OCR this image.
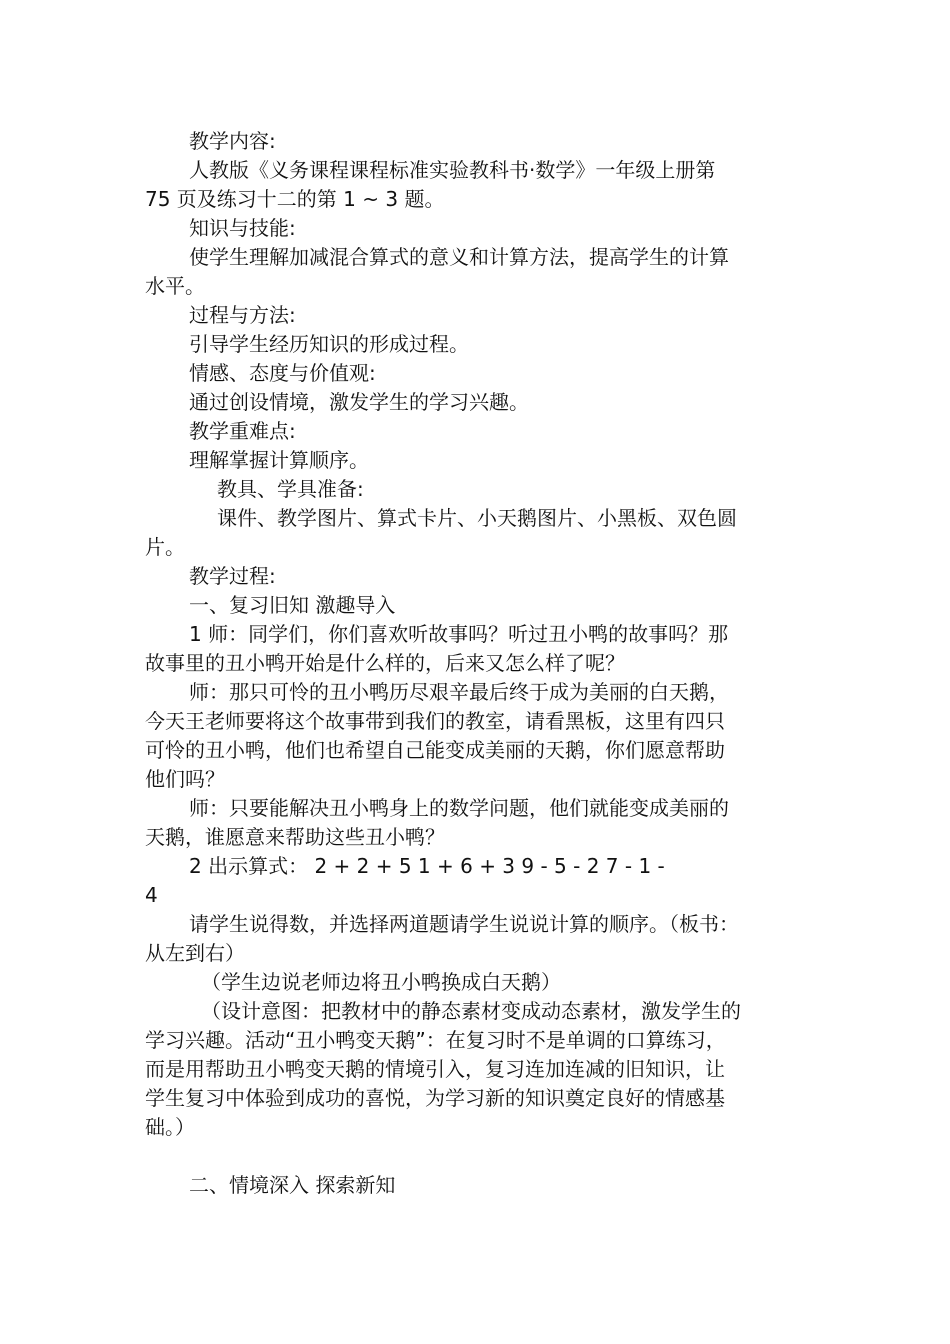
教学内容:

人教版《义务课程课程标准实验教科书·数学》一年级上册第

75 页及练习十二的第 1 ~ 3 题。

知识与技能:

使学生理解加减混合算式的意义和计算方法，提高学生的计算

水平。

过程与方法:

引导学生经历知识的形成过程。

情感、态度与价值观:

通过创设情境，激发学生的学习兴趣。

教学重难点:

理解掌握计算顺序。

教具、学具准备:

课件、教学图片、算式卡片、小天鹅图片、小黑板、双色圆

片。

教学过程:

一、复习旧知 激趣导入

1 师：同学们，你们喜欢听故事吗？听过丑小鸭的故事吗？那

故事里的丑小鸭开始是什么样的，后来又怎么样了呢？

师：那只可怜的丑小鸭历尽艰辛最后终于成为美丽的白天鹅，

今天王老师要将这个故事带到我们的教室，请看黑板，这里有四只

可怜的丑小鸭，他们也希望自己能变成美丽的天鹅，你们愿意帮助

他们吗？

师：只要能解决丑小鸭身上的数学问题，他们就能变成美丽的

天鹅，谁愿意来帮助这些丑小鸭？

2 出示算式： 2 + 2 + 5 1 + 6 + 3 9 - 5 - 2 7 - 1 -

4

请学生说得数，并选择两道题请学生说说计算的顺序。（板书：

从左到右）

（学生边说老师边将丑小鸭换成白天鹅）

（设计意图：把教材中的静态素材变成动态素材，激发学生的

学习兴趣。活动“丑小鸭变天鹅”：在复习时不是单调的口算练习，

而是用帮助丑小鸭变天鹅的情境引入，复习连加连减的旧知识，让

学生复习中体验到成功的喜悦，为学习新的知识奠定良好的情感基

础。）

二、情境深入 探索新知
